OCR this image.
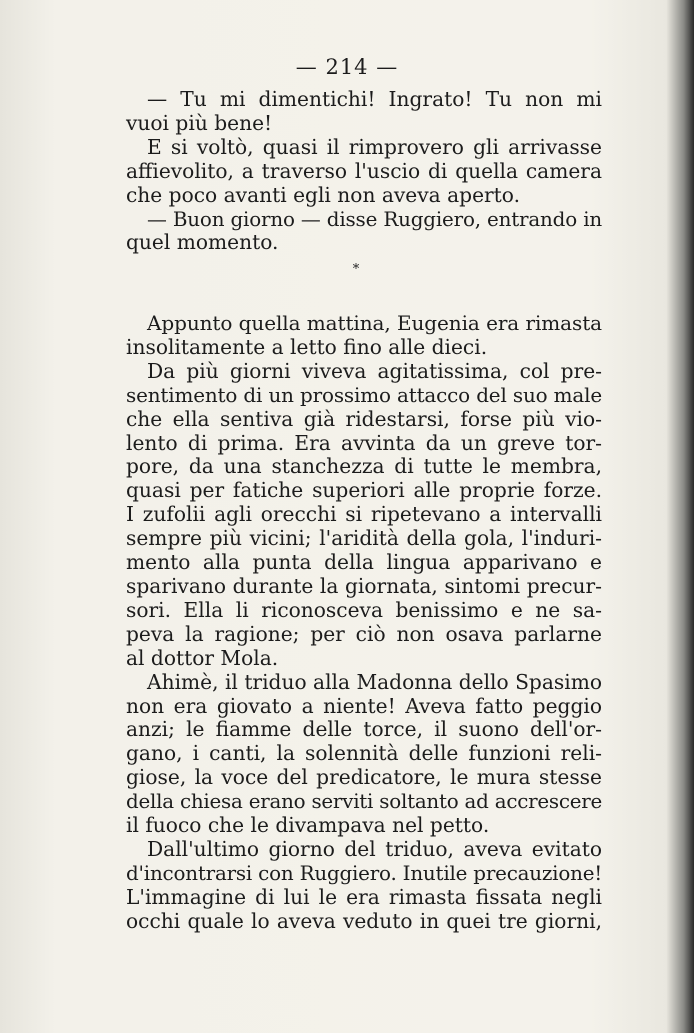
— 214 —
— Tu mi dimentichi! Ingrato! Tu non mi
vuoi più bene!
E si voltò, quasi il rimprovero gli arrivasse
affievolito, a traverso l'uscio di quella camera
che poco avanti egli non aveva aperto.
— Buon giorno — disse Ruggiero, entrando in
quel momento.
*
Appunto quella mattina, Eugenia era rimasta
insolitamente a letto fino alle dieci.
Da più giorni viveva agitatissima, col pre-
sentimento di un prossimo attacco del suo male
che ella sentiva già ridestarsi, forse più vio-
lento di prima. Era avvinta da un greve tor-
pore, da una stanchezza di tutte le membra,
quasi per fatiche superiori alle proprie forze.
I zufolii agli orecchi si ripetevano a intervalli
sempre più vicini; l'aridità della gola, l'induri-
mento alla punta della lingua apparivano e
sparivano durante la giornata, sintomi precur-
sori. Ella li riconosceva benissimo e ne sa-
peva la ragione; per ciò non osava parlarne
al dottor Mola.
Ahimè, il triduo alla Madonna dello Spasimo
non era giovato a niente! Aveva fatto peggio
anzi; le fiamme delle torce, il suono dell'or-
gano, i canti, la solennità delle funzioni reli-
giose, la voce del predicatore, le mura stesse
della chiesa erano serviti soltanto ad accrescere
il fuoco che le divampava nel petto.
Dall'ultimo giorno del triduo, aveva evitato
d'incontrarsi con Ruggiero. Inutile precauzione!
L'immagine di lui le era rimasta fissata negli
occhi quale lo aveva veduto in quei tre giorni,
